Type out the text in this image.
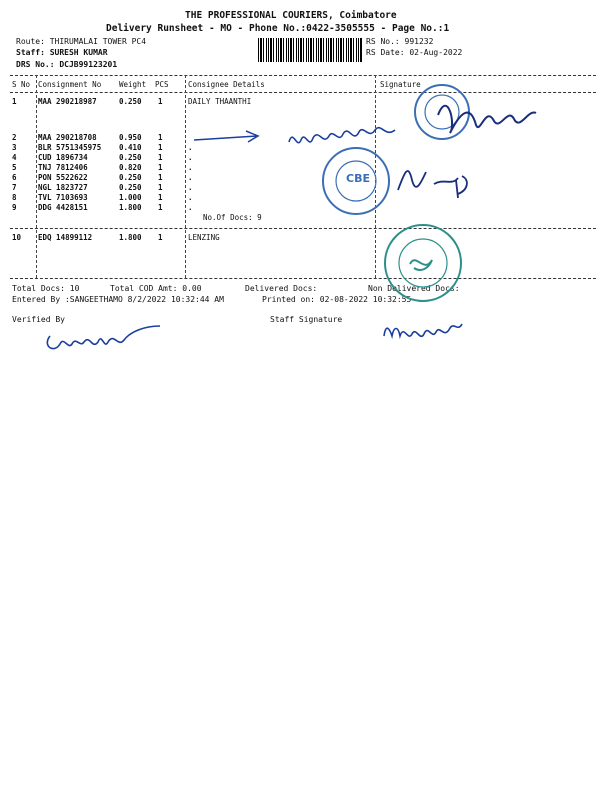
THE PROFESSIONAL COURIERS, Coimbatore
Delivery Runsheet - MO - Phone No.:0422-3505555 - Page No.:1
Route: THIRUMALAI TOWER PC4
Staff: SURESH KUMAR
DRS No.: DCJB99123201
RS No.: 991232
RS Date: 02-Aug-2022
S No Consignment No Weight PCS	Consignee Details	Signature
1	MAA 290218987	0.250 1	DAILY THAANTHI
2	MAA 290218708	0.950 1
3	BLR 5751345975 0.410 1	.
4	CUD 1896734	0.250 1	.
5	TNJ 7812406	0.820 1	.
6	PON 5522622	0.250 1	.
7	NGL 1823727	0.250 1	.
8	TVL 7103693	1.000 1	.
9	DDG 4428151	1.800 1	.
No.Of Docs: 9
10 EDQ 14899112	1.800 1	LENZING
Total Docs: 10	Total COD Amt: 0.00	Delivered Docs:	Non Delivered Docs:
Entered By :SANGEETHAMO 8/2/2022 10:32:44 AM	Printed on: 02-08-2022 10:32:55
Verified By	Staff Signature
CBE
